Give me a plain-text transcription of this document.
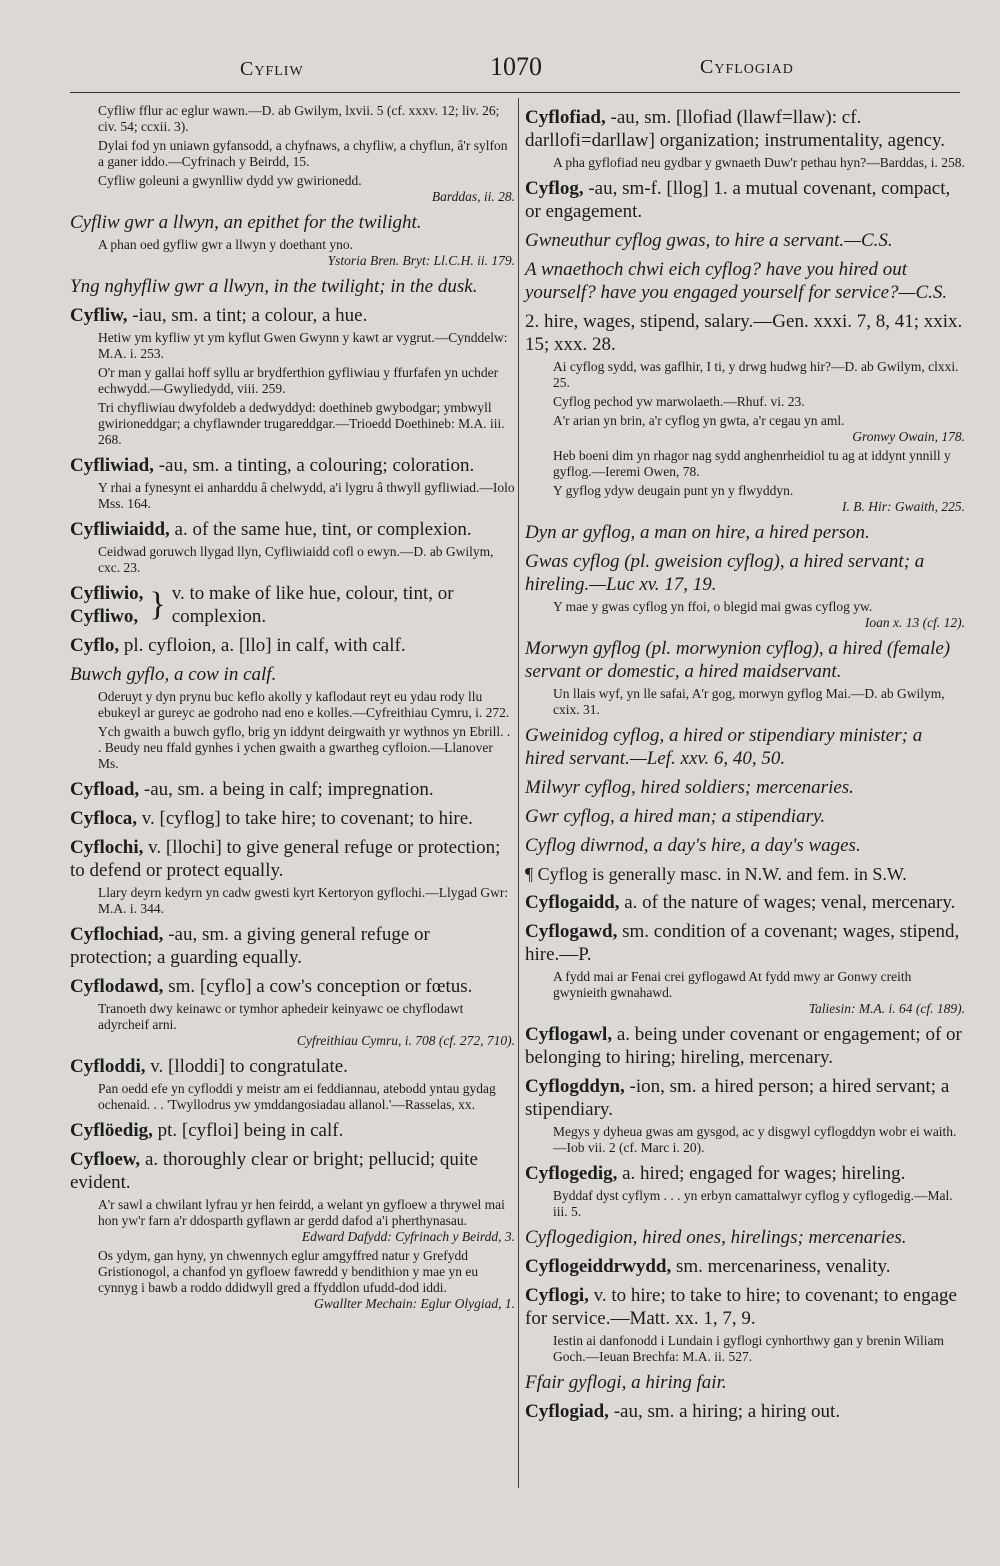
Cyfliw	1070	Cyflogiad
Cyfliw fflur ac eglur wawn.—D. ab Gwilym, lxvii. 5 (cf. xxxv. 12; liv. 26; civ. 54; ccxii. 3).
Dylai fod yn uniawn gyfansodd, a chyfnaws, a chyfliw, a chyflun, â'r sylfon a ganer iddo.—Cyfrinach y Beirdd, 15.
Cyfliw goleuni a gwynlliw dydd yw gwirionedd.
Barddas, ii. 28.
Cyfliw gwr a llwyn, an epithet for the twilight.
A phan oed gyfliw gwr a llwyn y doethant yno.
Ystoria Bren. Bryt: Ll.C.H. ii. 179.
Yng nghyfliw gwr a llwyn, in the twilight; in the dusk.
Cyfliw, -iau, sm. a tint; a colour, a hue.
Hetiw ym kyfliw yt ym kyflut Gwen Gwynn y kawt ar vygrut.—Cynddelw: M.A. i. 253.
O'r man y gallai hoff syllu ar brydferthion gyfliwiau y ffurfafen yn uchder echwydd.—Gwyliedydd, viii. 259.
Tri chyfliwiau dwyfoldeb a dedwyddyd: doethineb gwybodgar; ymbwyll gwirioneddgar; a chyflawnder trugareddgar.—Trioedd Doethineb: M.A. iii. 268.
Cyfliwiad, -au, sm. a tinting, a colouring; coloration.
Y rhai a fynesynt ei anharddu â chelwydd, a'i lygru â thwyll gyfliwiad.—Iolo Mss. 164.
Cyfliwiaidd, a. of the same hue, tint, or complexion.
Ceidwad goruwch llygad llyn, Cyfliwiaidd cofl o ewyn.—D. ab Gwilym, cxc. 23.
Cyfliwio,
Cyfliwo, } v. to make of like hue, colour, tint, or complexion.
Cyflo, pl. cyfloion, a. [llo] in calf, with calf.
Buwch gyflo, a cow in calf.
Oderuyt y dyn prynu buc keflo akolly y kaflodaut reyt eu ydau rody llu ebukeyl ar gureyc ae godroho nad eno e kolles.—Cyfreithiau Cymru, i. 272.
Ych gwaith a buwch gyflo, brig yn iddynt deirgwaith yr wythnos yn Ebrill. . . Beudy neu ffald gynhes i ychen gwaith a gwartheg cyfloion.—Llanover Ms.
Cyfload, -au, sm. a being in calf; impregnation.
Cyfloca, v. [cyflog] to take hire; to covenant; to hire.
Cyflochi, v. [llochi] to give general refuge or protection; to defend or protect equally.
Llary deyrn kedyrn yn cadw gwesti kyrt Kertoryon gyflochi.—Llygad Gwr: M.A. i. 344.
Cyflochiad, -au, sm. a giving general refuge or protection; a guarding equally.
Cyflodawd, sm. [cyflo] a cow's conception or fœtus.
Tranoeth dwy keinawc or tymhor aphedeir keinyawc oe chyflodawt adyrcheif arni.
Cyfreithiau Cymru, i. 708 (cf. 272, 710).
Cyfloddi, v. [lloddi] to congratulate.
Pan oedd efe yn cyfloddi y meistr am ei feddiannau, atebodd yntau gydag ochenaid. . . 'Twyllodrus yw ymddangosiadau allanol.'—Rasselas, xx.
Cyflöedig, pt. [cyfloi] being in calf.
Cyfloew, a. thoroughly clear or bright; pellucid; quite evident.
A'r sawl a chwilant lyfrau yr hen feirdd, a welant yn gyfloew a thrywel mai hon yw'r farn a'r ddosparth gyflawn ar gerdd dafod a'i pherthynasau.
Edward Dafydd: Cyfrinach y Beirdd, 3.
Os ydym, gan hyny, yn chwennych eglur amgyffred natur y Grefydd Gristionogol, a chanfod yn gyfloew fawredd y bendithion y mae yn eu cynnyg i bawb a roddo ddidwyll gred a ffyddlon ufudd-dod iddi.
Gwallter Mechain: Eglur Olygiad, 1.
Cyflofiad, -au, sm. [llofiad (llawf=llaw): cf. darllofi=darllaw] organization; instrumentality, agency.
A pha gyflofiad neu gydbar y gwnaeth Duw'r pethau hyn?—Barddas, i. 258.
Cyflog, -au, sm-f. [llog] 1. a mutual covenant, compact, or engagement.
Gwneuthur cyflog gwas, to hire a servant.—C.S.
A wnaethoch chwi eich cyflog? have you hired out yourself? have you engaged yourself for service?—C.S.
2. hire, wages, stipend, salary.—Gen. xxxi. 7, 8, 41; xxix. 15; xxx. 28.
Ai cyflog sydd, was gaflhir, I ti, y drwg hudwg hir?—D. ab Gwilym, clxxi. 25.
Cyflog pechod yw marwolaeth.—Rhuf. vi. 23.
A'r arian yn brin, a'r cyflog yn gwta, a'r cegau yn aml.
Gronwy Owain, 178.
Heb boeni dim yn rhagor nag sydd anghenrheidiol tu ag at iddynt ynnill y gyflog.—Ieremi Owen, 78.
Y gyflog ydyw deugain punt yn y flwyddyn.
I. B. Hir: Gwaith, 225.
Dyn ar gyflog, a man on hire, a hired person.
Gwas cyflog (pl. gweision cyflog), a hired servant; a hireling.—Luc xv. 17, 19.
Y mae y gwas cyflog yn ffoi, o blegid mai gwas cyflog yw.
Ioan x. 13 (cf. 12).
Morwyn gyflog (pl. morwynion cyflog), a hired (female) servant or domestic, a hired maidservant.
Un llais wyf, yn lle safai, A'r gog, morwyn gyflog Mai.—D. ab Gwilym, cxix. 31.
Gweinidog cyflog, a hired or stipendiary minister; a hired servant.—Lef. xxv. 6, 40, 50.
Milwyr cyflog, hired soldiers; mercenaries.
Gwr cyflog, a hired man; a stipendiary.
Cyflog diwrnod, a day's hire, a day's wages.
¶ Cyflog is generally masc. in N.W. and fem. in S.W.
Cyflogaidd, a. of the nature of wages; venal, mercenary.
Cyflogawd, sm. condition of a covenant; wages, stipend, hire.—P.
A fydd mai ar Fenai crei gyflogawd At fydd mwy ar Gonwy creith gwynieith gwnahawd.
Taliesin: M.A. i. 64 (cf. 189).
Cyflogawl, a. being under covenant or engagement; of or belonging to hiring; hireling, mercenary.
Cyflogddyn, -ion, sm. a hired person; a hired servant; a stipendiary.
Megys y dyheua gwas am gysgod, ac y disgwyl cyflogddyn wobr ei waith.—Iob vii. 2 (cf. Marc i. 20).
Cyflogedig, a. hired; engaged for wages; hireling.
Byddaf dyst cyflym . . . yn erbyn camattalwyr cyflog y cyflogedig.—Mal. iii. 5.
Cyflogedigion, hired ones, hirelings; mercenaries.
Cyflogeiddrwydd, sm. mercenariness, venality.
Cyflogi, v. to hire; to take to hire; to covenant; to engage for service.—Matt. xx. 1, 7, 9.
Iestin ai danfonodd i Lundain i gyflogi cynhorthwy gan y brenin Wiliam Goch.—Ieuan Brechfa: M.A. ii. 527.
Ffair gyflogi, a hiring fair.
Cyflogiad, -au, sm. a hiring; a hiring out.
